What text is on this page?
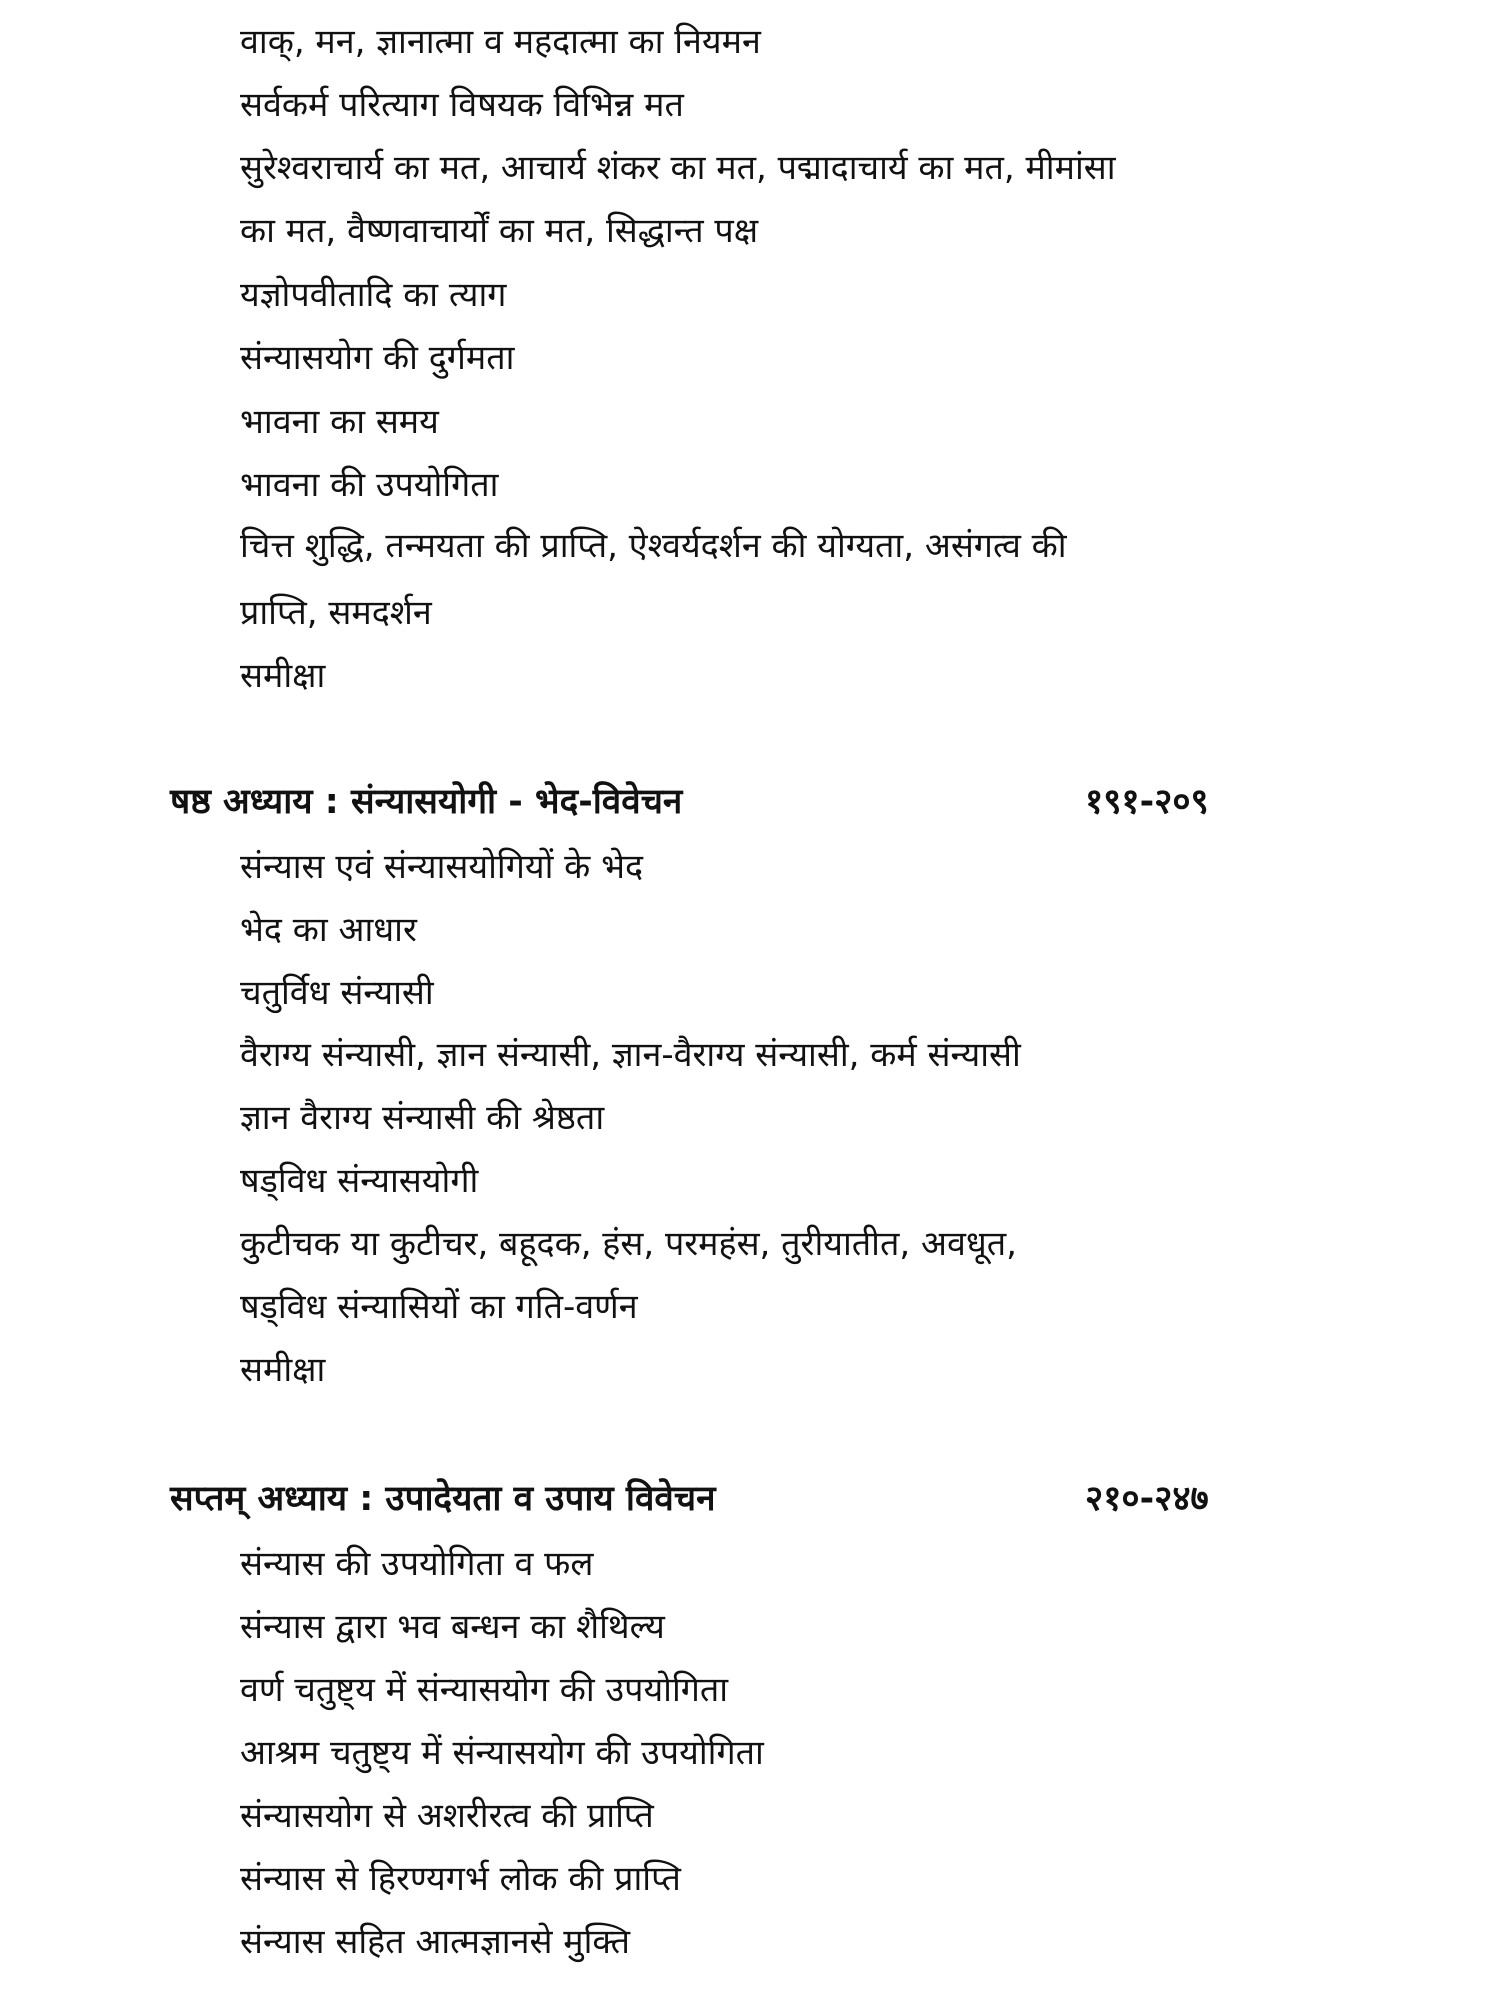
वाक्, मन, ज्ञानात्मा व महदात्मा का नियमन
सर्वकर्म परित्याग विषयक विभिन्न मत
सुरेश्वराचार्य का मत, आचार्य शंकर का मत, पद्मादाचार्य का मत, मीमांसा
का मत, वैष्णवाचार्यों का मत, सिद्धान्त पक्ष
यज्ञोपवीतादि का त्याग
संन्यासयोग की दुर्गमता
भावना का समय
भावना की उपयोगिता
चित्त शुद्धि, तन्मयता की प्राप्ति, ऐश्वर्यदर्शन की योग्यता, असंगत्व की
प्राप्ति, समदर्शन
समीक्षा
षष्ठ अध्याय : संन्यासयोगी - भेद-विवेचन	१९१-२०९
संन्यास एवं संन्यासयोगियों के भेद
भेद का आधार
चतुर्विध संन्यासी
वैराग्य संन्यासी, ज्ञान संन्यासी, ज्ञान-वैराग्य संन्यासी, कर्म संन्यासी
ज्ञान वैराग्य संन्यासी की श्रेष्ठता
षड्विध संन्यासयोगी
कुटीचक या कुटीचर, बहूदक, हंस, परमहंस, तुरीयातीत, अवधूत,
षड्विध संन्यासियों का गति-वर्णन
समीक्षा
सप्तम् अध्याय : उपादेयता व उपाय विवेचन	२१०-२४७
संन्यास की उपयोगिता व फल
संन्यास द्वारा भव बन्धन का शैथिल्य
वर्ण चतुष्ट्य में संन्यासयोग की उपयोगिता
आश्रम चतुष्ट्य में संन्यासयोग की उपयोगिता
संन्यासयोग से अशरीरत्व की प्राप्ति
संन्यास से हिरण्यगर्भ लोक की प्राप्ति
संन्यास सहित आत्मज्ञानसे मुक्ति
